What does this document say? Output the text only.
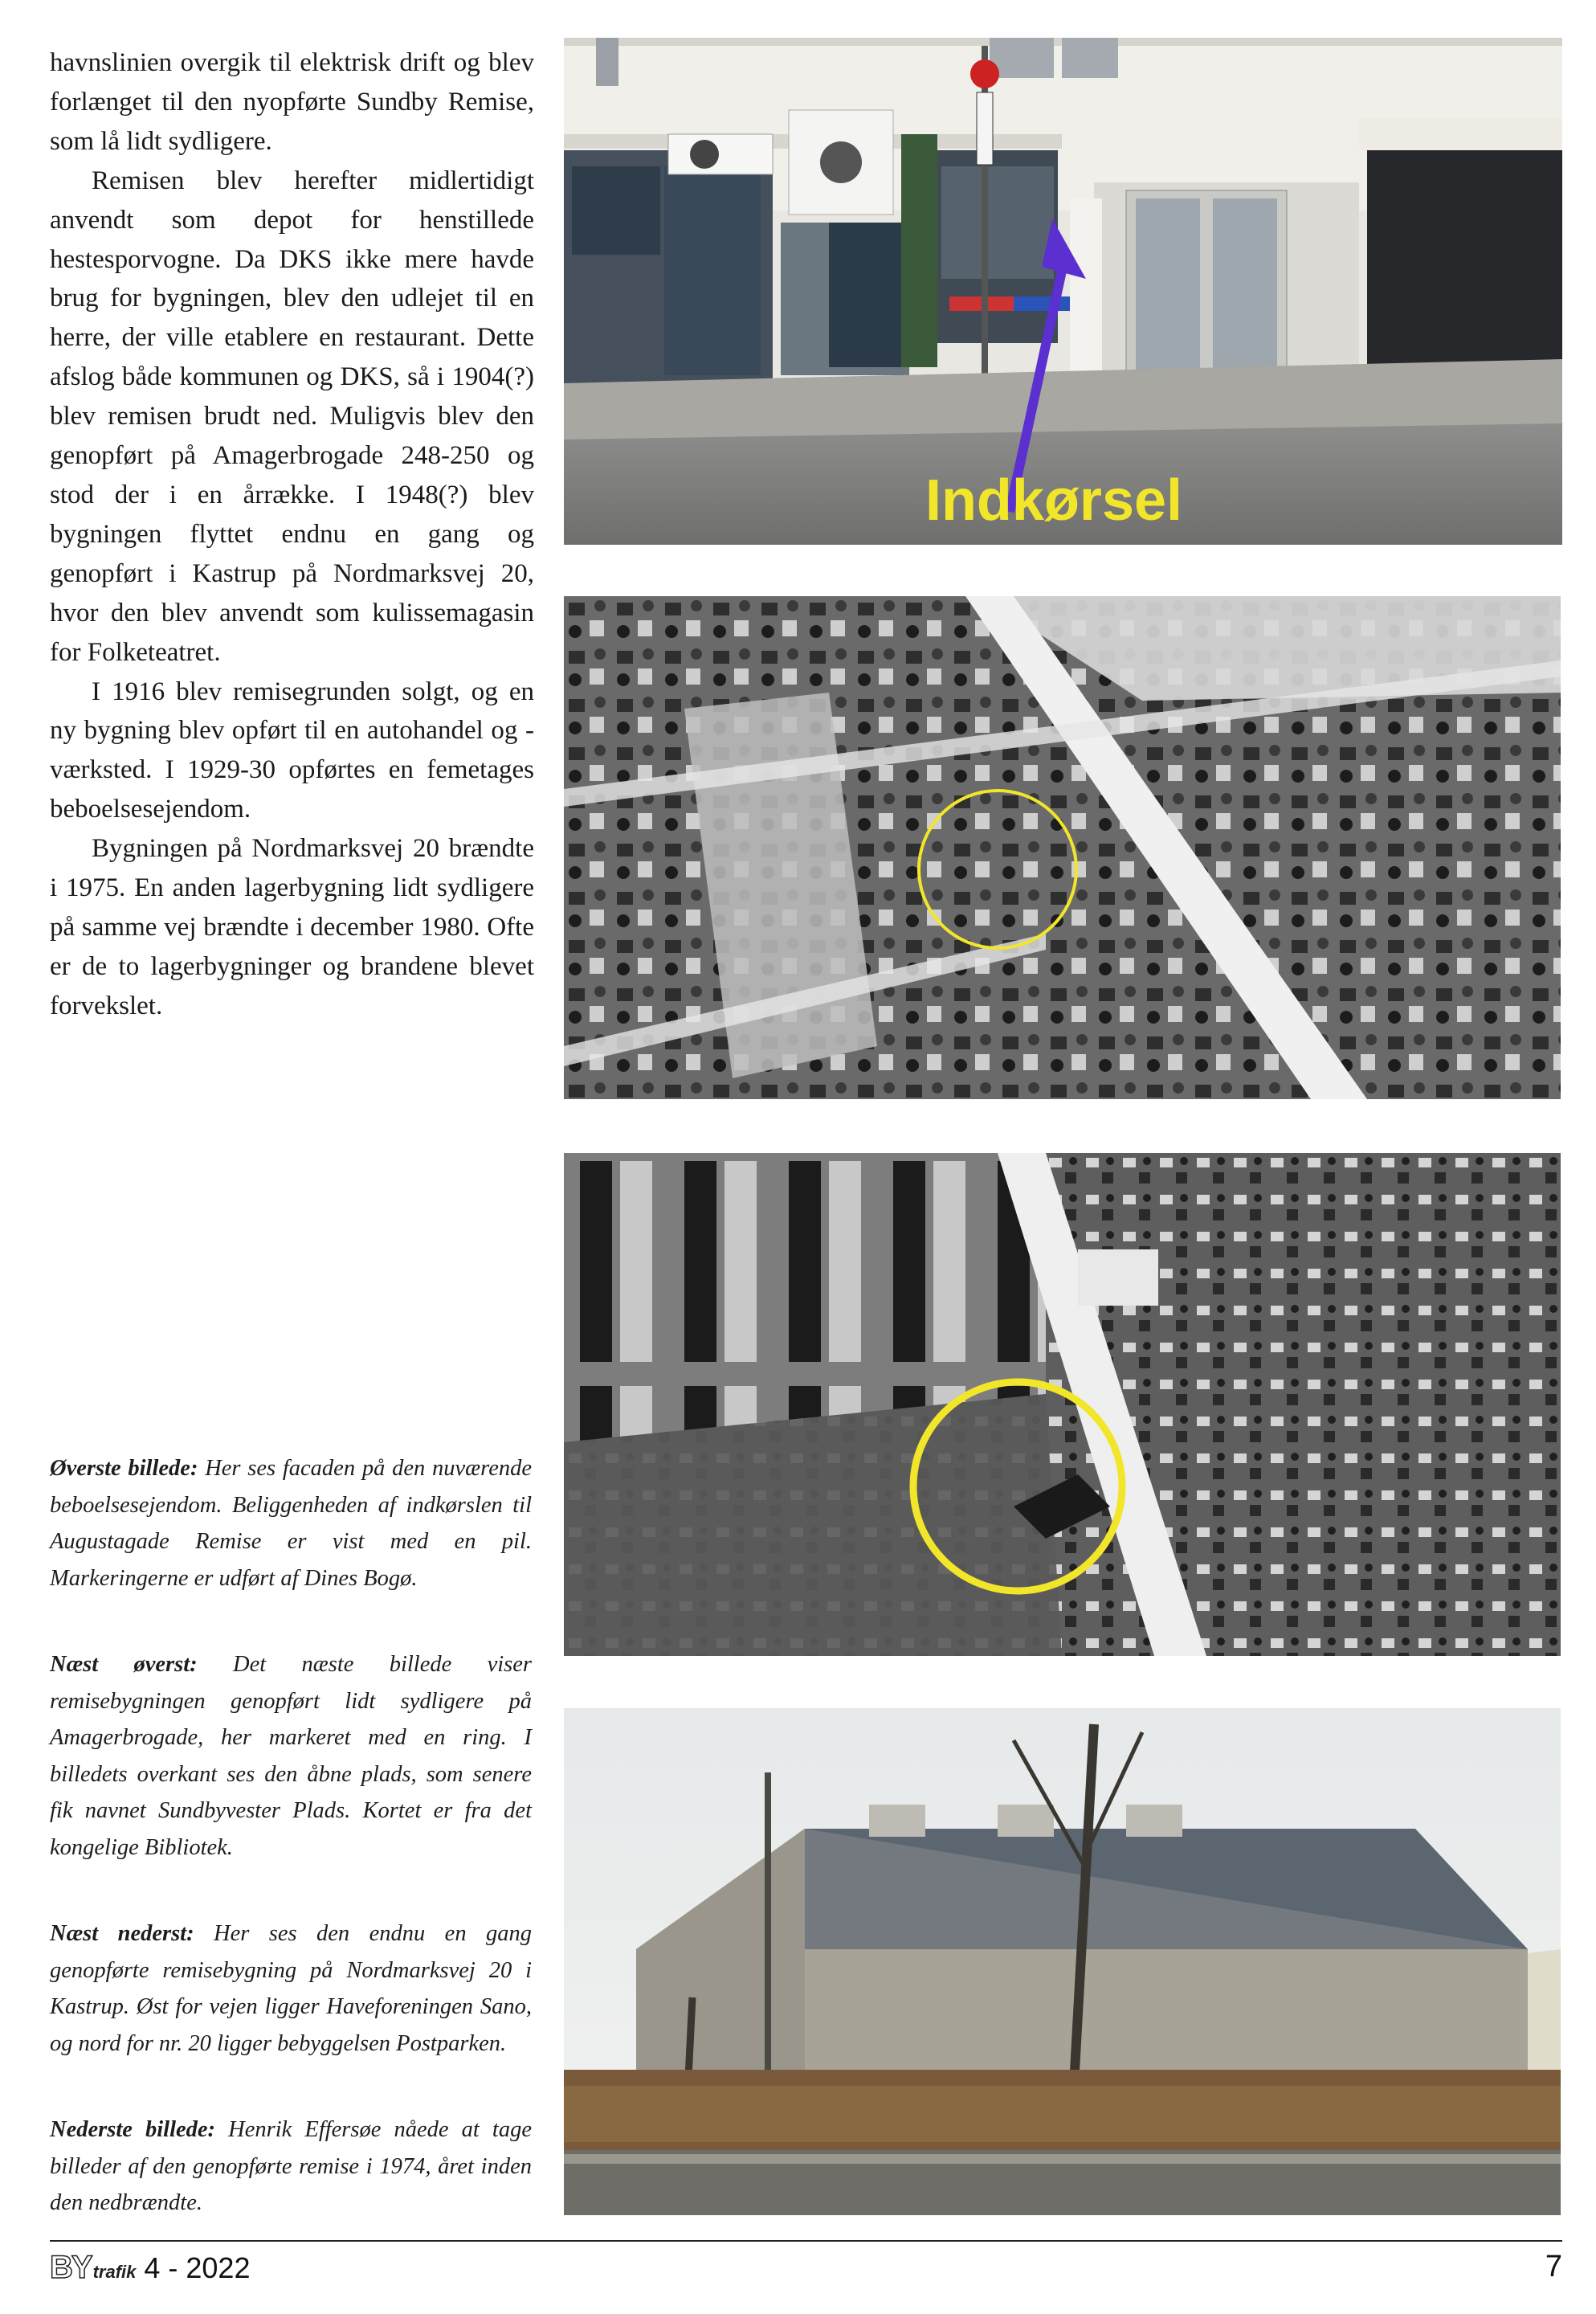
havnslinien overgik til elektrisk drift og blev forlænget til den nyopførte Sundby Remise, som lå lidt sydligere.

Remisen blev herefter midlertidigt anvendt som depot for henstillede hestesporvogne. Da DKS ikke mere havde brug for bygningen, blev den udlejet til en herre, der ville etablere en restaurant. Dette afslog både kommunen og DKS, så i 1904(?) blev remisen brudt ned. Muligvis blev den genopført på Amagerbrogade 248-250 og stod der i en årrække. I 1948(?) blev bygningen flyttet endnu en gang og genopført i Kastrup på Nordmarksvej 20, hvor den blev anvendt som kulissemagasin for Folketeatret.

I 1916 blev remisegrunden solgt, og en ny bygning blev opført til en autohandel og -værksted. I 1929-30 opførtes en femetages beboelsesejendom.

Bygningen på Nordmarksvej 20 brændte i 1975. En anden lagerbygning lidt sydligere på samme vej brændte i december 1980. Ofte er de to lagerbygninger og brandene blevet forvekslet.

Øverste billede: Her ses facaden på den nuværende beboelsesejendom. Beliggenheden af indkørslen til Augustagade Remise er vist med en pil. Markeringerne er udført af Dines Bogø.

Næst øverst: Det næste billede viser remisebygningen genopført lidt sydligere på Amagerbrogade, her markeret med en ring. I billedets overkant ses den åbne plads, som senere fik navnet Sundbyvester Plads. Kortet er fra det kongelige Bibliotek.

Næst nederst: Her ses den endnu en gang genopførte remisebygning på Nordmarksvej 20 i Kastrup. Øst for vejen ligger Haveforeningen Sano, og nord for nr. 20 ligger bebyggelsen Postparken.

Nederste billede: Henrik Effersøe nåede at tage billeder af den genopførte remise i 1974, året inden den nedbrændte.

Indkørsel
BY trafik 4 - 2022	7
